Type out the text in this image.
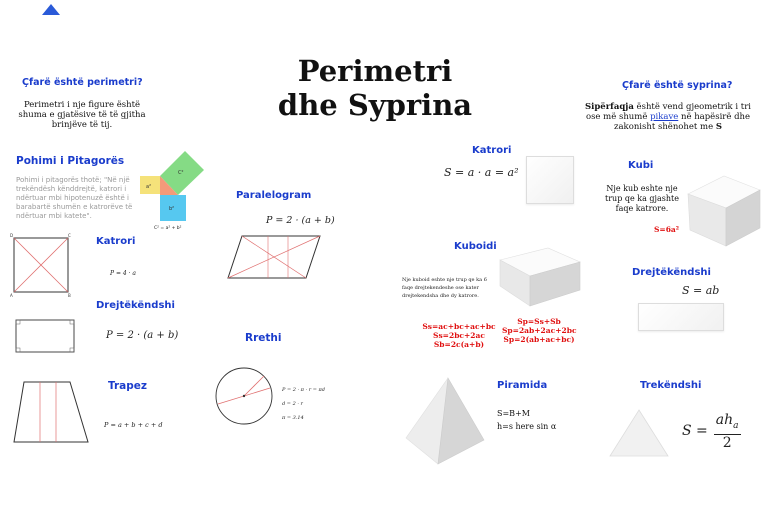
Perimetri
dhe Syprina
Çfarë është perimetri?
Perimetri i nje figure është shuma e gjatësive të të gjitha brinjëve të tij.
Pohimi i Pitagorës
Pohimi i pitagorës thotë; "Në një trekëndësh kënddrejtë, katrori i ndërtuar mbi hipotenuzë është i barabartë shumën e katrorëve të ndërtuar mbi katete".
C²
a²
b²
C² = a² + b²
D	C
A	B
Katrori
P = 4 · a
Paralelogram
P = 2 · (a + b)
Drejtëkëndshi
P = 2 · (a + b)	Rrethi
P = 2 · π · r = πd
d = 2 · r
π = 3.14
Trapez
P = a + b + c + d
Çfarë është syprina?
Sipërfaqja është vend gjeometrik i tri ose më shumë pikave në hapësirë dhe zakonisht shënohet me S
Katrori
S = a · a = a²
Kubi
Nje kub eshte nje trup qe ka gjashte faqe katrore.
S=6a²
Kuboidi
Nje kuboid eshte nje trup qe ka 6 faqe drejtekendeshe ose kater drejtekendsha dhe dy katrore.
Ss=ac+bc+ac+bc
Ss=2bc+2ac
Sb=2c(a+b)
Sp=Ss+Sb
Sp=2ab+2ac+2bc
Sp=2(ab+ac+bc)
Drejtëkëndshi
S = ab
Piramida
S=B+M
h=s here sin α
Trekëndshi
S =
$ah_a$
2
